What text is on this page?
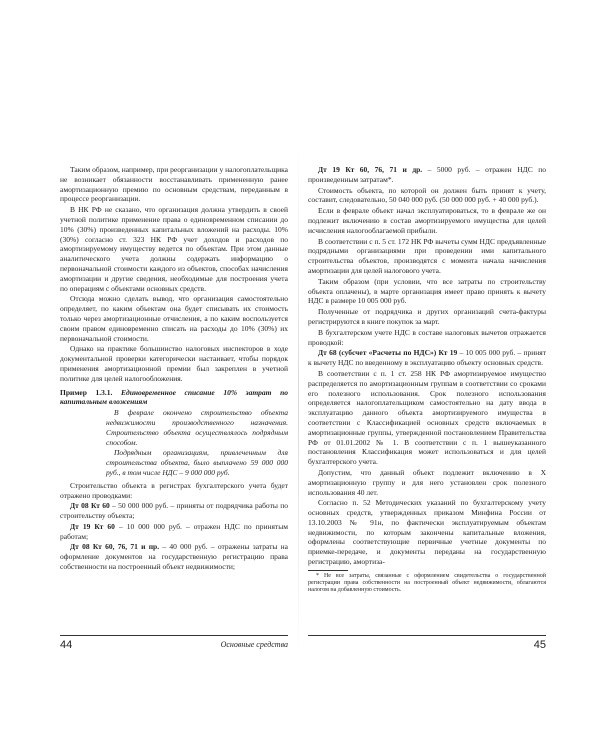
Таким образом, например, при реорганизации у налогоплательщика не возникает обязанности восстанавливать примененную ранее амортизационную премию по основным средствам, переданным в процессе реорганизации.

В НК РФ не сказано, что организация должна утвердить в своей учетной политике применение права о единовременном списании до 10% (30%) произведенных капитальных вложений на расходы. 10% (30%) согласно ст. 323 НК РФ учет доходов и расходов по амортизируемому имуществу ведется по объектам. При этом данные аналитического учета должны содержать информацию о первоначальной стоимости каждого из объектов, способах начисления амортизации и другие сведения, необходимые для построения учета по операциям с объектами основных средств.

Отсюда можно сделать вывод, что организация самостоятельно определяет, по каким объектам она будет списывать их стоимость только через амортизационные отчисления, а по каким воспользуется своим правом единовременно списать на расходы до 10% (30%) их первоначальной стоимости.

Однако на практике большинство налоговых инспекторов в ходе документальной проверки категорически настаивает, чтобы порядок применения амортизационной премии был закреплен в учетной политике для целей налогообложения.

Пример 1.3.1. Единовременное списание 10% затрат по капитальным вложениям

В феврале окончено строительство объекта недвижимости производственного назначения. Строительство объекта осуществлялось подрядным способом.

Подрядным организациям, привлеченным для строительства объекта, было выплачено 59 000 000 руб., в том числе НДС – 9 000 000 руб.

Строительство объекта в регистрах бухгалтерского учета будет отражено проводками:

Дт 08 Кт 60 – 50 000 000 руб. – приняты от подрядчика работы по строительству объекта;

Дт 19 Кт 60 – 10 000 000 руб. – отражен НДС по принятым работам;

Дт 08 Кт 60, 76, 71 и пр. – 40 000 руб. – отражены затраты на оформление документов на государственную регистрацию права собственности на построенный объект недвижимости;

44	Основные средства

Дт 19 Кт 60, 76, 71 и др. – 5000 руб. – отражен НДС по произведенным затратам*.

Стоимость объекта, по которой он должен быть принят к учету, составит, следовательно, 50 040 000 руб. (50 000 000 руб. + 40 000 руб.).

Если в феврале объект начал эксплуатироваться, то в феврале же он подлежит включению в состав амортизируемого имущества для целей исчисления налогооблагаемой прибыли.

В соответствии с п. 5 ст. 172 НК РФ вычеты сумм НДС предъявленные подрядными организациями при проведении ими капитального строительства объектов, производятся с момента начала начисления амортизации для целей налогового учета.

Таким образом (при условии, что все затраты по строительству объекта оплачены), в марте организация имеет право принять к вычету НДС в размере 10 005 000 руб.

Полученные от подрядчика и других организаций счета-фактуры регистрируются в книге покупок за март.

В бухгалтерском учете НДС в составе налоговых вычетов отражается проводкой:

Дт 68 (субсчет «Расчеты по НДС») Кт 19 – 10 005 000 руб. – принят к вычету НДС по введенному в эксплуатацию объекту основных средств.

В соответствии с п. 1 ст. 258 НК РФ амортизируемое имущество распределяется по амортизационным группам в соответствии со сроками его полезного использования. Срок полезного использования определяется налогоплательщиком самостоятельно на дату ввода в эксплуатацию данного объекта амортизируемого имущества в соответствии с Классификацией основных средств включаемых в амортизационные группы, утвержденной постановлением Правительства РФ от 01.01.2002 № 1. В соответствии с п. 1 вышеуказанного постановления Классификация может использоваться и для целей бухгалтерского учета.

Допустим, что данный объект подлежит включению в Х амортизационную группу и для него установлен срок полезного использования 40 лет.

Согласно п. 52 Методических указаний по бухгалтерскому учету основных средств, утвержденных приказом Минфина России от 13.10.2003 № 91н, по фактически эксплуатируемым объектам недвижимости, по которым закончены капитальные вложения, оформлены соответствующие первичные учетные документы по приемке-передаче, и документы переданы на государственную регистрацию, амортиза-

* Не все затраты, связанные с оформлением свидетельства о государственной регистрации права собственности на построенный объект недвижимости, облагаются налогом на добавленную стоимость.

45
